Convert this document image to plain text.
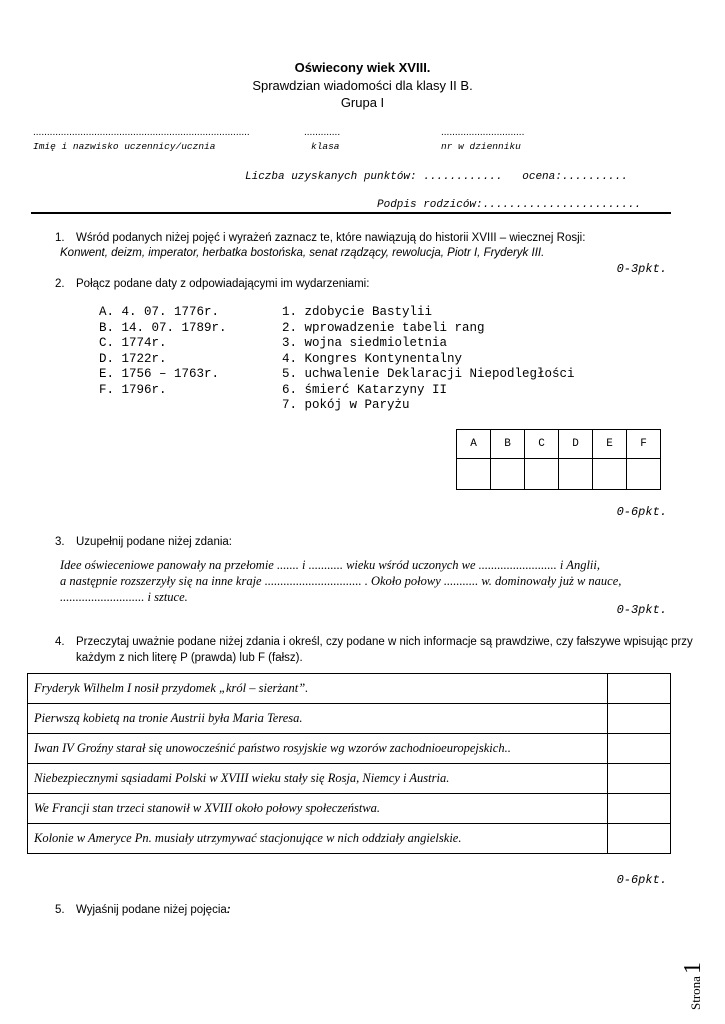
Oświecony wiek XVIII.
Sprawdzian wiadomości dla klasy II B.
Grupa I
..............................................................................
Imię i nazwisko uczennicy/ucznia
.............
klasa
..............................
nr w dzienniku
Liczba uzyskanych punktów: ............   ocena:..........
Podpis rodziców:........................
1. Wśród podanych niżej pojęć i wyrażeń zaznacz te, które nawiązują do historii XVIII – wiecznej Rosji:
Konwent, deizm, imperator, herbatka bostońska, senat rządzący, rewolucja, Piotr I, Fryderyk III.
0-3pkt.
2. Połącz podane daty z odpowiadającymi im wydarzeniami:
A. 4. 07. 1776r.
B. 14. 07. 1789r.
C. 1774r.
D. 1722r.
E. 1756 – 1763r.
F. 1796r.
1. zdobycie Bastylii
2. wprowadzenie tabeli rang
3. wojna siedmioletnia
4. Kongres Kontynentalny
5. uchwalenie Deklaracji Niepodległości
6. śmierć Katarzyny II
7. pokój w Paryżu
A	B	C	D	E	F

0-6pkt.
3. Uzupełnij podane niżej zdania:
Idee oświeceniowe panowały na przełomie ....... i ........... wieku wśród uczonych we ......................... i Anglii,
a następnie rozszerzyły się na inne kraje ............................... . Około połowy ........... w. dominowały już w nauce,
........................... i sztuce.
0-3pkt.
4. Przeczytaj uważnie podane niżej zdania i określ, czy podane w nich informacje są prawdziwe, czy fałszywe wpisując przy
każdym z nich literę P (prawda) lub F (fałsz).
Fryderyk Wilhelm I nosił przydomek „król – sierżant”.	
Pierwszą kobietą na tronie Austrii była Maria Teresa.	
Iwan IV Groźny starał się unowocześnić państwo rosyjskie wg wzorów zachodnioeuropejskich..	
Niebezpiecznymi sąsiadami Polski w XVIII wieku stały się Rosja, Niemcy i Austria.	
We Francji stan trzeci stanowił w XVIII około połowy społeczeństwa.	
Kolonie w Ameryce Pn. musiały utrzymywać stacjonujące w nich oddziały angielskie.	
0-6pkt.
5. Wyjaśnij podane niżej pojęcia:
Strona1
